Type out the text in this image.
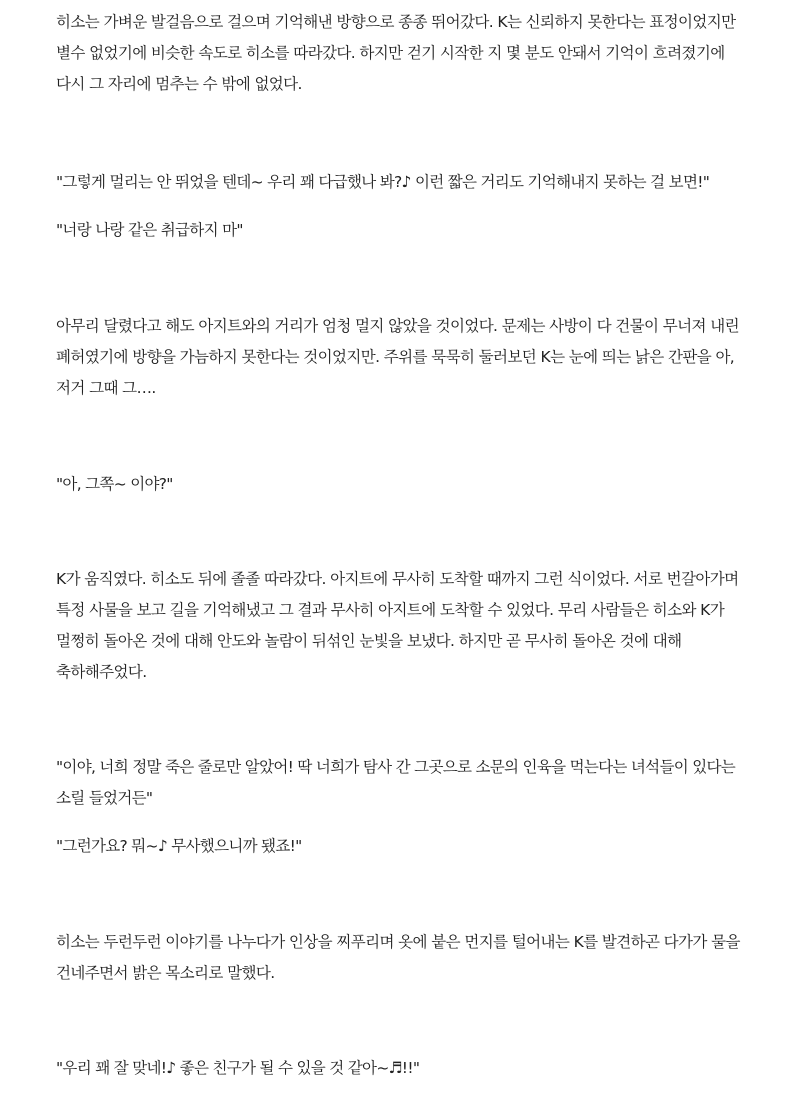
히소는 가벼운 발걸음으로 걸으며 기억해낸 방향으로 종종 뛰어갔다. K는 신뢰하지 못한다는 표정이었지만 별수 없었기에 비슷한 속도로 히소를 따라갔다. 하지만 걷기 시작한 지 몇 분도 안돼서 기억이 흐려졌기에 다시 그 자리에 멈추는 수 밖에 없었다.

"그렇게 멀리는 안 뛰었을 텐데~ 우리 꽤 다급했나 봐?♪ 이런 짧은 거리도 기억해내지 못하는 걸 보면!"

"너랑 나랑 같은 취급하지 마"

아무리 달렸다고 해도 아지트와의 거리가 엄청 멀지 않았을 것이었다. 문제는 사방이 다 건물이 무너져 내린 폐허였기에 방향을 가늠하지 못한다는 것이었지만. 주위를 묵묵히 둘러보던 K는 눈에 띄는 낡은 간판을 아, 저거 그때 그….

"아, 그쪽~ 이야?"

K가 움직였다. 히소도 뒤에 졸졸 따라갔다. 아지트에 무사히 도착할 때까지 그런 식이었다. 서로 번갈아가며 특정 사물을 보고 길을 기억해냈고 그 결과 무사히 아지트에 도착할 수 있었다. 무리 사람들은 히소와 K가 멀쩡히 돌아온 것에 대해 안도와 놀람이 뒤섞인 눈빛을 보냈다. 하지만 곧 무사히 돌아온 것에 대해 축하해주었다.

"이야, 너희 정말 죽은 줄로만 알았어! 딱 너희가 탐사 간 그곳으로 소문의 인육을 먹는다는 녀석들이 있다는 소릴 들었거든"

"그런가요? 뭐~♪ 무사했으니까 됐죠!"

히소는 두런두런 이야기를 나누다가 인상을 찌푸리며 옷에 붙은 먼지를 털어내는 K를 발견하곤 다가가 물을 건네주면서 밝은 목소리로 말했다.

"우리 꽤 잘 맞네!♪ 좋은 친구가 될 수 있을 것 같아~♬!!"
